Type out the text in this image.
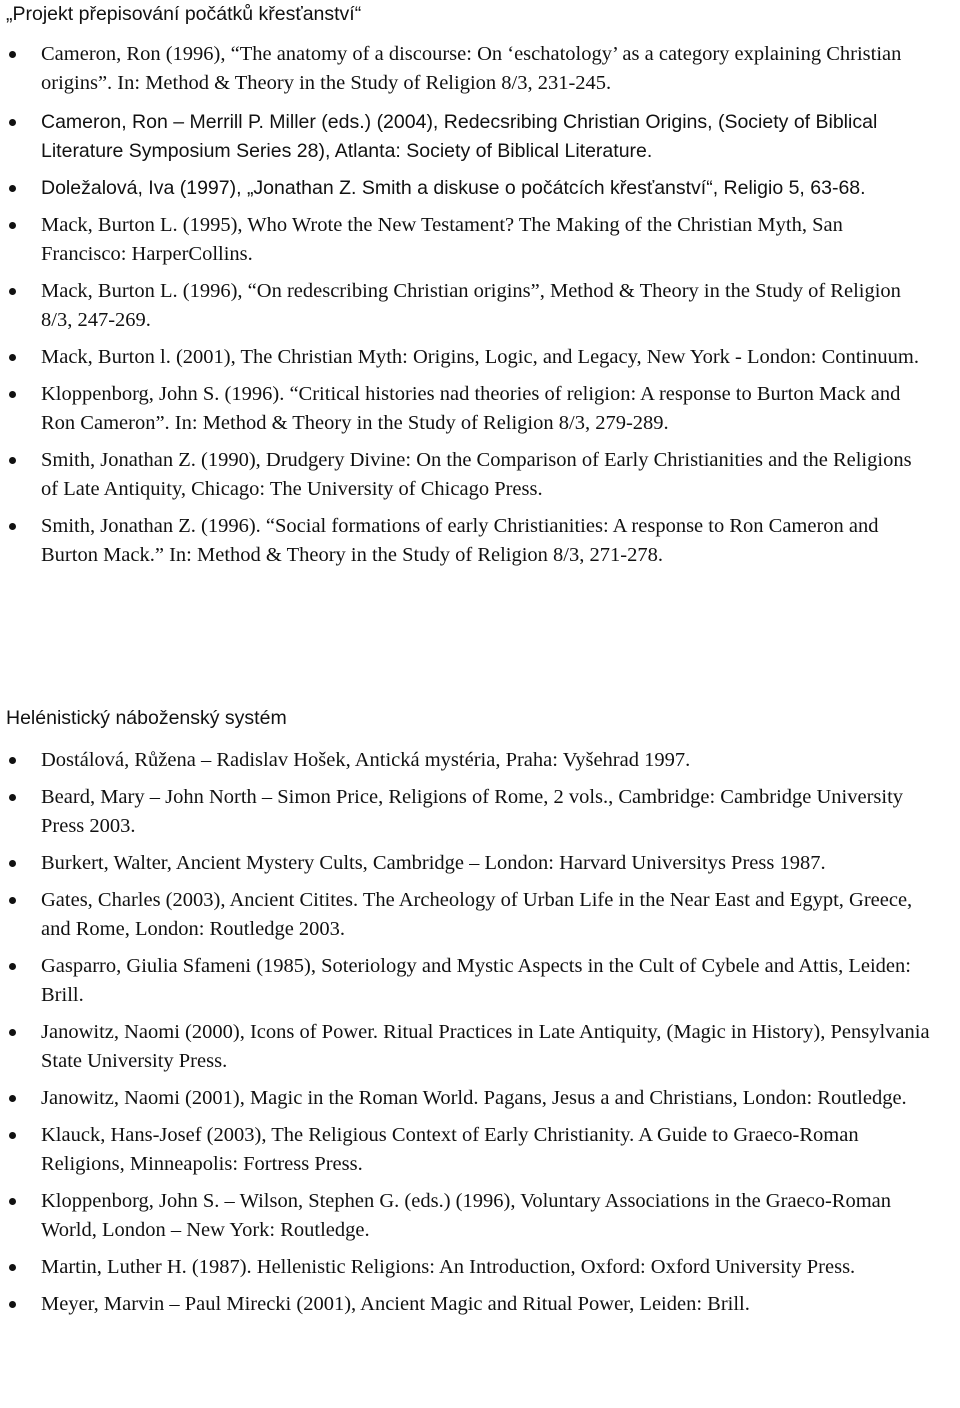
„Projekt přepisování počátků křesťanství“
Cameron, Ron (1996), “The anatomy of a discourse: On ‘eschatology’ as a category explaining Christian origins”. In: Method & Theory in the Study of Religion 8/3, 231-245.
Cameron, Ron – Merrill P. Miller (eds.) (2004), Redecsribing Christian Origins, (Society of Biblical Literature Symposium Series 28), Atlanta: Society of Biblical Literature.
Doležalová, Iva (1997), „Jonathan Z. Smith a diskuse o počátcích křesťanství“, Religio 5, 63-68.
Mack, Burton L. (1995), Who Wrote the New Testament? The Making of the Christian Myth, San Francisco: HarperCollins.
Mack, Burton L. (1996), “On redescribing Christian origins”, Method & Theory in the Study of Religion 8/3, 247-269.
Mack, Burton l. (2001), The Christian Myth: Origins, Logic, and Legacy, New York - London: Continuum.
Kloppenborg, John S. (1996). “Critical histories nad theories of religion: A response to Burton Mack and Ron Cameron”. In: Method & Theory in the Study of Religion 8/3, 279-289.
Smith, Jonathan Z. (1990), Drudgery Divine: On the Comparison of Early Christianities and the Religions of Late Antiquity, Chicago: The University of Chicago Press.
Smith, Jonathan Z. (1996). “Social formations of early Christianities: A response to Ron Cameron and Burton Mack.” In: Method & Theory in the Study of Religion 8/3, 271-278.
Helénistický náboženský systém
Dostálová, Růžena – Radislav Hošek, Antická mystéria, Praha: Vyšehrad 1997.
Beard, Mary – John North – Simon Price, Religions of Rome, 2 vols., Cambridge: Cambridge University Press 2003.
Burkert, Walter, Ancient Mystery Cults, Cambridge – London: Harvard Universitys Press 1987.
Gates, Charles (2003), Ancient Citites. The Archeology of Urban Life in the Near East and Egypt, Greece, and Rome, London: Routledge 2003.
Gasparro, Giulia Sfameni (1985), Soteriology and Mystic Aspects in the Cult of Cybele and Attis, Leiden: Brill.
Janowitz, Naomi (2000), Icons of Power. Ritual Practices in Late Antiquity, (Magic in History), Pensylvania State University Press.
Janowitz, Naomi (2001), Magic in the Roman World. Pagans, Jesus a and Christians, London: Routledge.
Klauck, Hans-Josef (2003), The Religious Context of Early Christianity. A Guide to Graeco-Roman Religions, Minneapolis: Fortress Press.
Kloppenborg, John S. – Wilson, Stephen G. (eds.) (1996), Voluntary Associations in the Graeco-Roman World, London – New York: Routledge.
Martin, Luther H. (1987). Hellenistic Religions: An Introduction, Oxford: Oxford University Press.
Meyer, Marvin – Paul Mirecki (2001), Ancient Magic and Ritual Power, Leiden: Brill.
